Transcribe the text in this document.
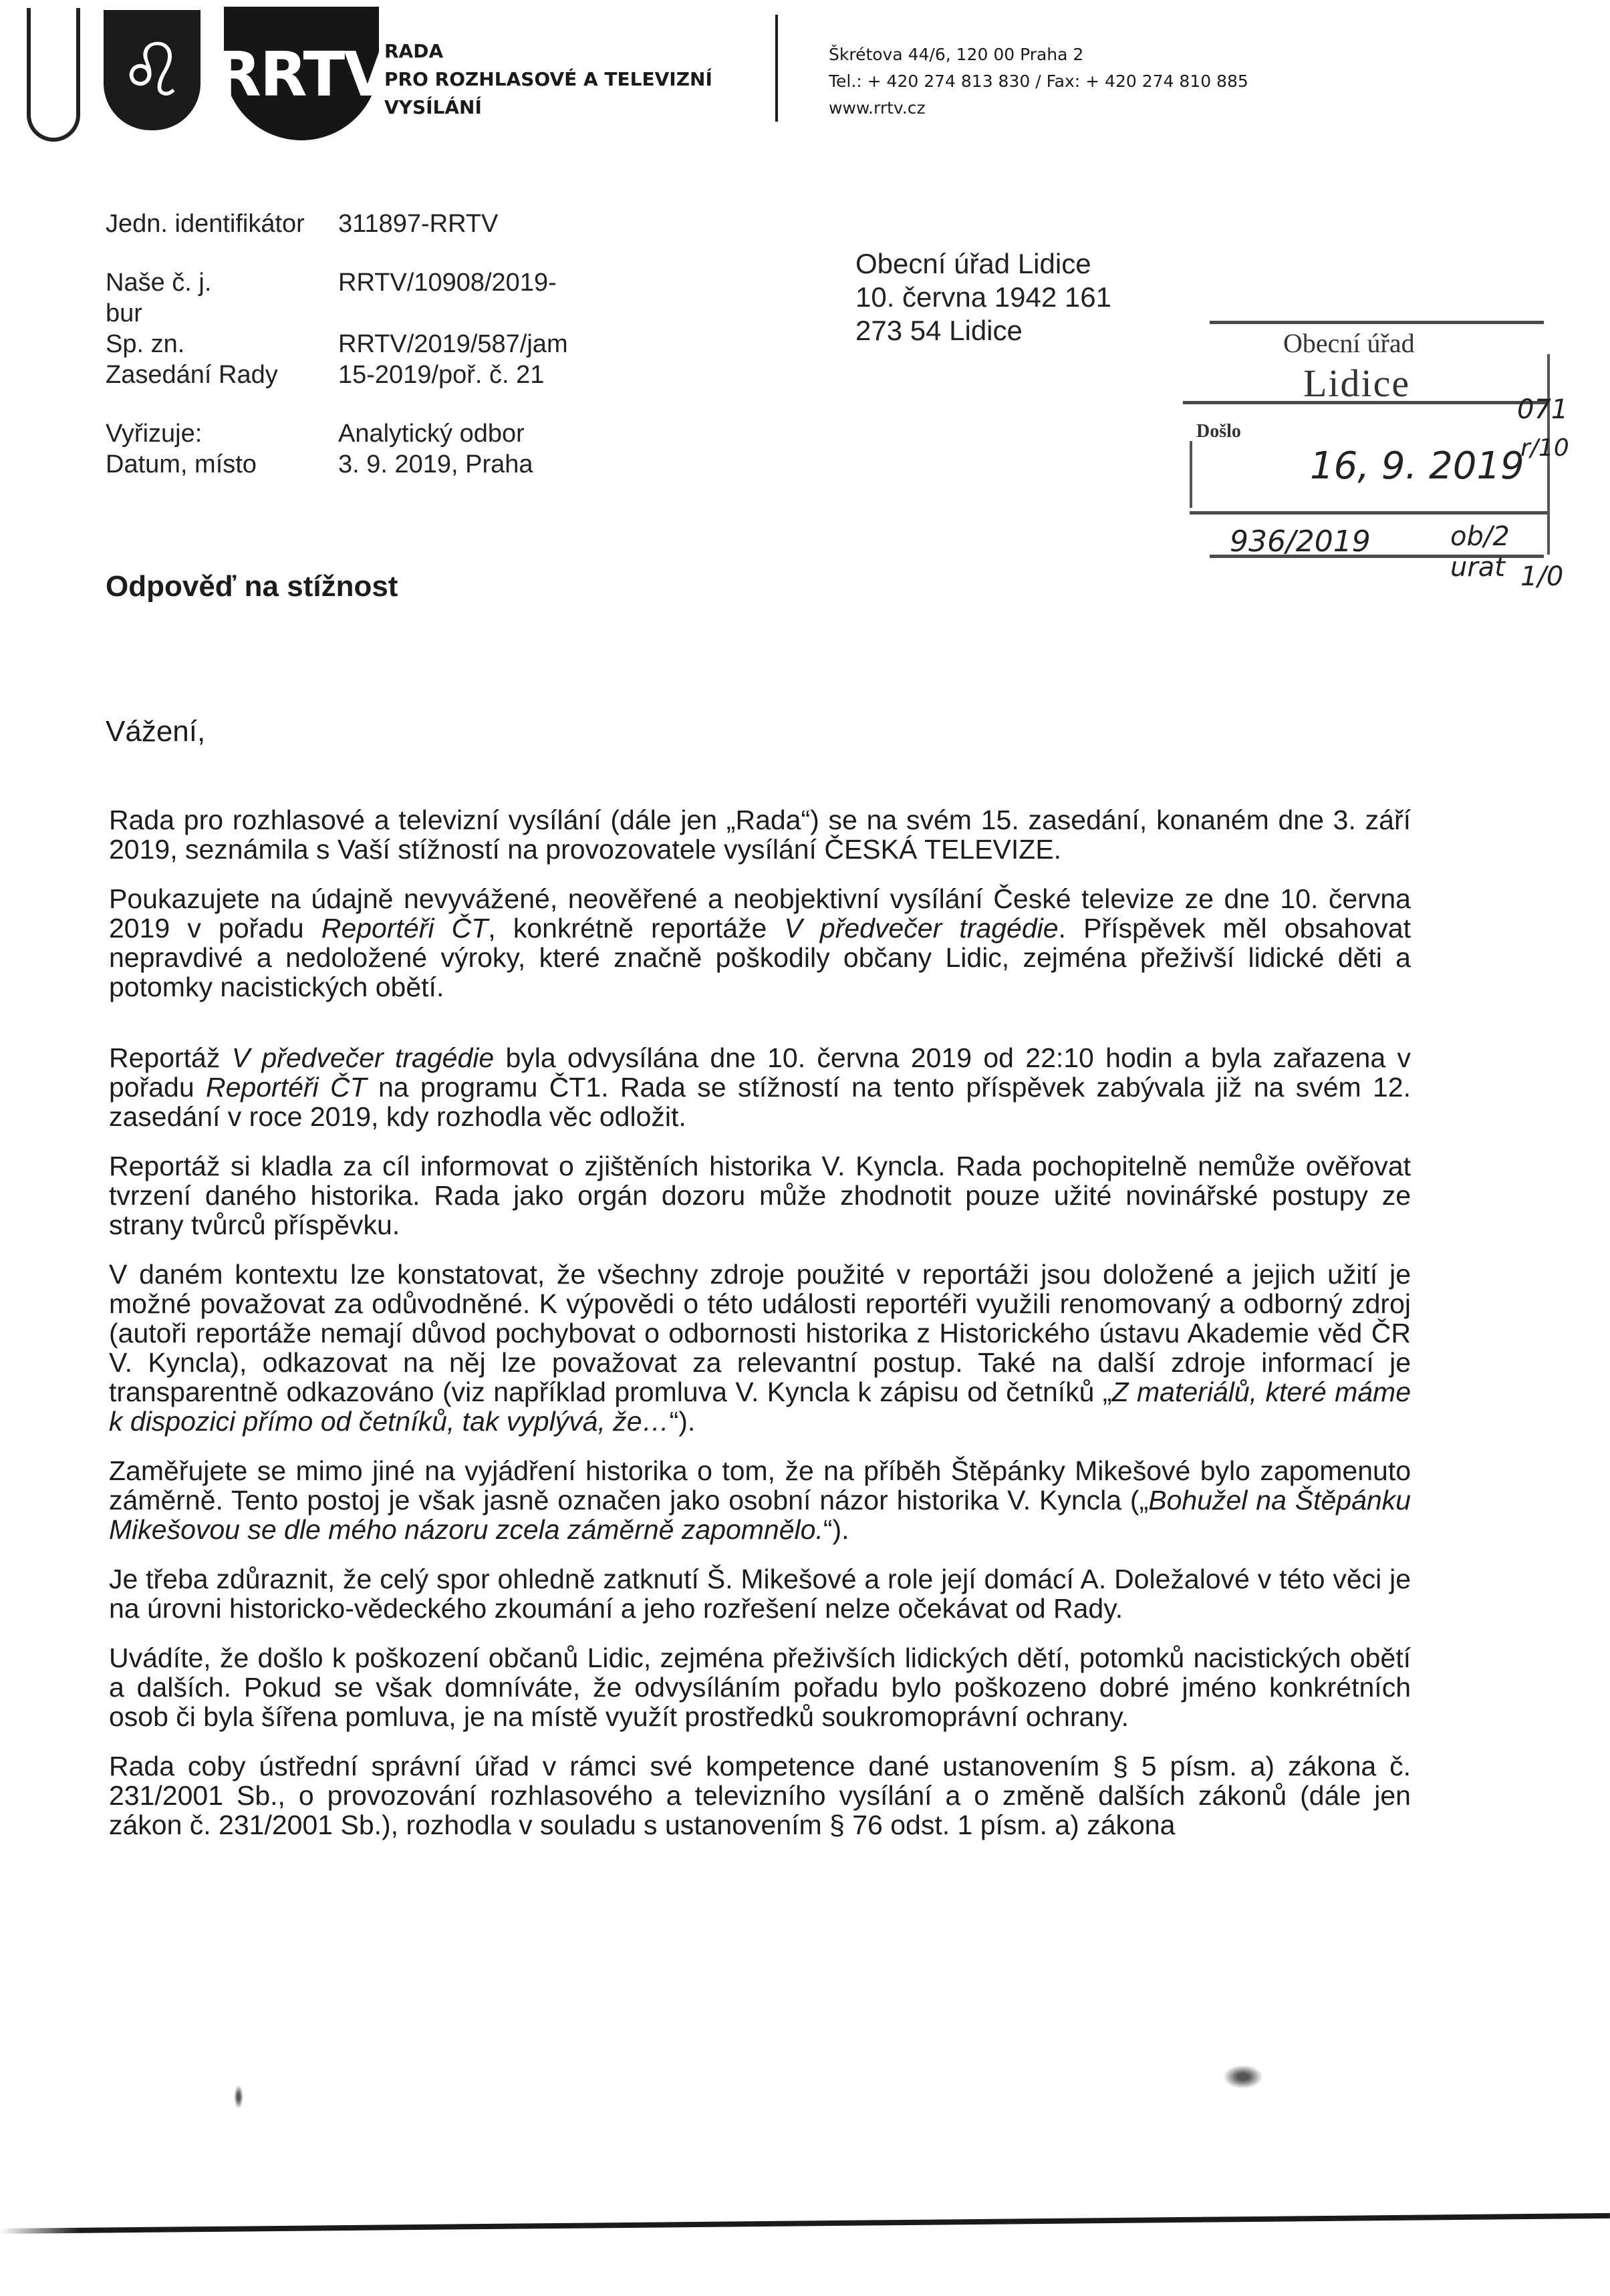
♌ RRTV
RADA
PRO ROZHLASOVÉ A TELEVIZNÍ
VYSÍLÁNÍ
Škrétova 44/6, 120 00 Praha 2
Tel.: + 420 274 813 830 / Fax: + 420 274 810 885
www.rrtv.cz
Jedn. identifikátor	311897-RRTV
Naše č. j.	RRTV/10908/2019-
bur
Sp. zn.	RRTV/2019/587/jam
Zasedání Rady	15-2019/poř. č. 21
Vyřizuje:	Analytický odbor
Datum, místo	3. 9. 2019, Praha
Obecní úřad Lidice
10. června 1942 161
273 54 Lidice	Obecní úřad
Lidice
Došlo
16, 9. 2019
936/2019	ob/2 urat
071
r/10
1/0
Odpověď na stížnost
Vážení,

Rada pro rozhlasové a televizní vysílání (dále jen „Rada“) se na svém 15. zasedání, konaném dne 3. září 2019, seznámila s Vaší stížností na provozovatele vysílání ČESKÁ TELEVIZE.

Poukazujete na údajně nevyvážené, neověřené a neobjektivní vysílání České televize ze dne 10. června 2019 v pořadu Reportéři ČT, konkrétně reportáže V předvečer tragédie. Příspěvek měl obsahovat nepravdivé a nedoložené výroky, které značně poškodily občany Lidic, zejména přeživší lidické děti a potomky nacistických obětí.

Reportáž V předvečer tragédie byla odvysílána dne 10. června 2019 od 22:10 hodin a byla zařazena v pořadu Reportéři ČT na programu ČT1. Rada se stížností na tento příspěvek zabývala již na svém 12. zasedání v roce 2019, kdy rozhodla věc odložit.

Reportáž si kladla za cíl informovat o zjištěních historika V. Kyncla. Rada pochopitelně nemůže ověřovat tvrzení daného historika. Rada jako orgán dozoru může zhodnotit pouze užité novinářské postupy ze strany tvůrců příspěvku.

V daném kontextu lze konstatovat, že všechny zdroje použité v reportáži jsou doložené a jejich užití je možné považovat za odůvodněné. K výpovědi o této události reportéři využili renomovaný a odborný zdroj (autoři reportáže nemají důvod pochybovat o odbornosti historika z Historického ústavu Akademie věd ČR V. Kyncla), odkazovat na něj lze považovat za relevantní postup. Také na další zdroje informací je transparentně odkazováno (viz například promluva V. Kyncla k zápisu od četníků „Z materiálů, které máme k dispozici přímo od četníků, tak vyplývá, že…“).

Zaměřujete se mimo jiné na vyjádření historika o tom, že na příběh Štěpánky Mikešové bylo zapomenuto záměrně. Tento postoj je však jasně označen jako osobní názor historika V. Kyncla („Bohužel na Štěpánku Mikešovou se dle mého názoru zcela záměrně zapomnělo.“).

Je třeba zdůraznit, že celý spor ohledně zatknutí Š. Mikešové a role její domácí A. Doležalové v této věci je na úrovni historicko-vědeckého zkoumání a jeho rozřešení nelze očekávat od Rady.

Uvádíte, že došlo k poškození občanů Lidic, zejména přeživších lidických dětí, potomků nacistických obětí a dalších. Pokud se však domníváte, že odvysíláním pořadu bylo poškozeno dobré jméno konkrétních osob či byla šířena pomluva, je na místě využít prostředků soukromoprávní ochrany.

Rada coby ústřední správní úřad v rámci své kompetence dané ustanovením § 5 písm. a) zákona č. 231/2001 Sb., o provozování rozhlasového a televizního vysílání a o změně dalších zákonů (dále jen zákon č. 231/2001 Sb.), rozhodla v souladu s ustanovením § 76 odst. 1 písm. a) zákona
